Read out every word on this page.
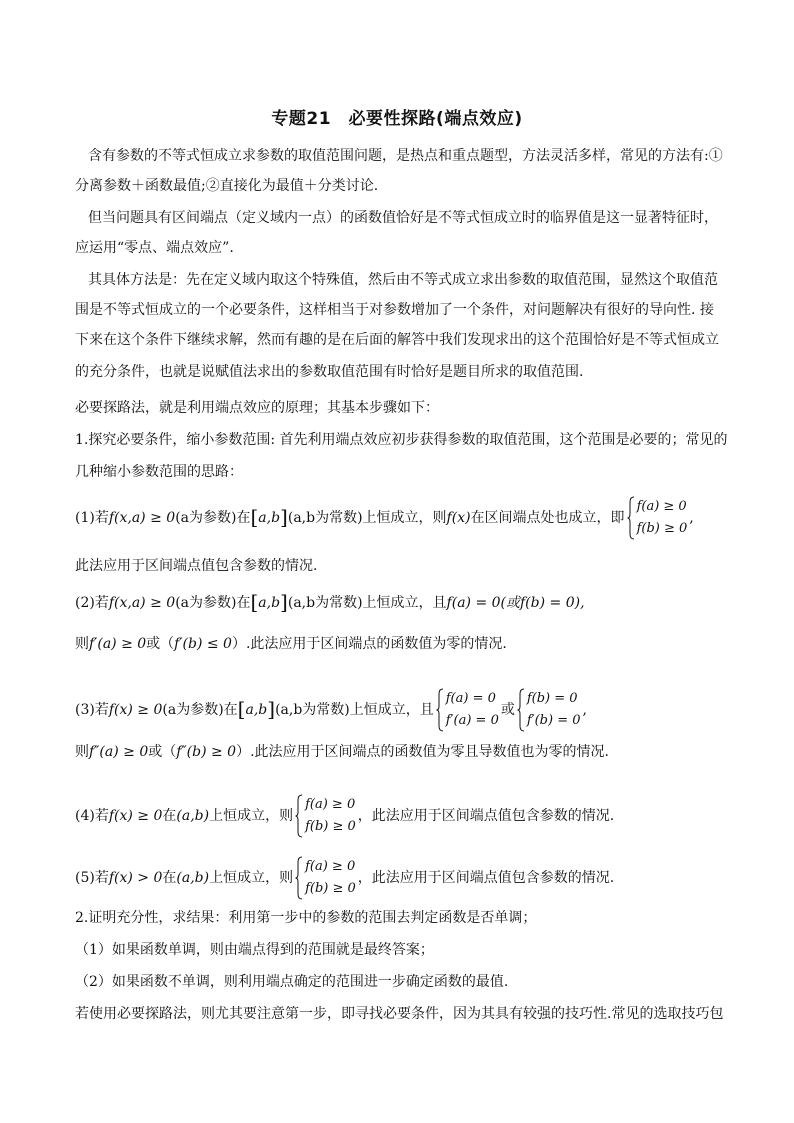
专题21　必要性探路(端点效应)
含有参数的不等式恒成立求参数的取值范围问题，是热点和重点题型，方法灵活多样，常见的方法有:①
分离参数＋函数最值;②直接化为最值＋分类讨论.
但当问题具有区间端点（定义域内一点）的函数值恰好是不等式恒成立时的临界值是这一显著特征时，
应运用“零点、端点效应”.
其具体方法是：先在定义域内取这个特殊值，然后由不等式成立求出参数的取值范围，显然这个取值范
围是不等式恒成立的一个必要条件，这样相当于对参数增加了一个条件，对问题解决有很好的导向性. 接
下来在这个条件下继续求解，然而有趣的是在后面的解答中我们发现求出的这个范围恰好是不等式恒成立
的充分条件，也就是说赋值法求出的参数取值范围有时恰好是题目所求的取值范围.
必要探路法，就是利用端点效应的原理；其基本步骤如下：
1.探究必要条件，缩小参数范围: 首先利用端点效应初步获得参数的取值范围，这个范围是必要的；常见的
几种缩小参数范围的思路：
(1)若f(x,a) ≥ 0(a为参数)在[a,b](a,b为常数)上恒成立，则f(x)在区间端点处也成立，即
f(a) ≥ 0
f(b) ≥ 0
,
此法应用于区间端点值包含参数的情况.
(2)若f(x,a) ≥ 0(a为参数)在[a,b](a,b为常数)上恒成立，且f(a) = 0(或f(b) = 0),
则f′(a) ≥ 0或（f′(b) ≤ 0）.此法应用于区间端点的函数值为零的情况.
(3)若f(x) ≥ 0(a为参数)在[a,b](a,b为常数)上恒成立，且
f(a) = 0
f′(a) = 0
或
f(b) = 0
f′(b) = 0
,
则f″(a) ≥ 0或（f″(b) ≥ 0）.此法应用于区间端点的函数值为零且导数值也为零的情况.
(4)若f(x) ≥ 0在(a,b)上恒成立，则
f(a) ≥ 0
f(b) ≥ 0
，此法应用于区间端点值包含参数的情况.
(5)若f(x) > 0在(a,b)上恒成立，则
f(a) ≥ 0
f(b) ≥ 0
，此法应用于区间端点值包含参数的情况.
2.证明充分性，求结果：利用第一步中的参数的范围去判定函数是否单调；
（1）如果函数单调，则由端点得到的范围就是最终答案；
（2）如果函数不单调，则利用端点确定的范围进一步确定函数的最值.
若使用必要探路法，则尤其要注意第一步，即寻找必要条件，因为其具有较强的技巧性.常见的选取技巧包
